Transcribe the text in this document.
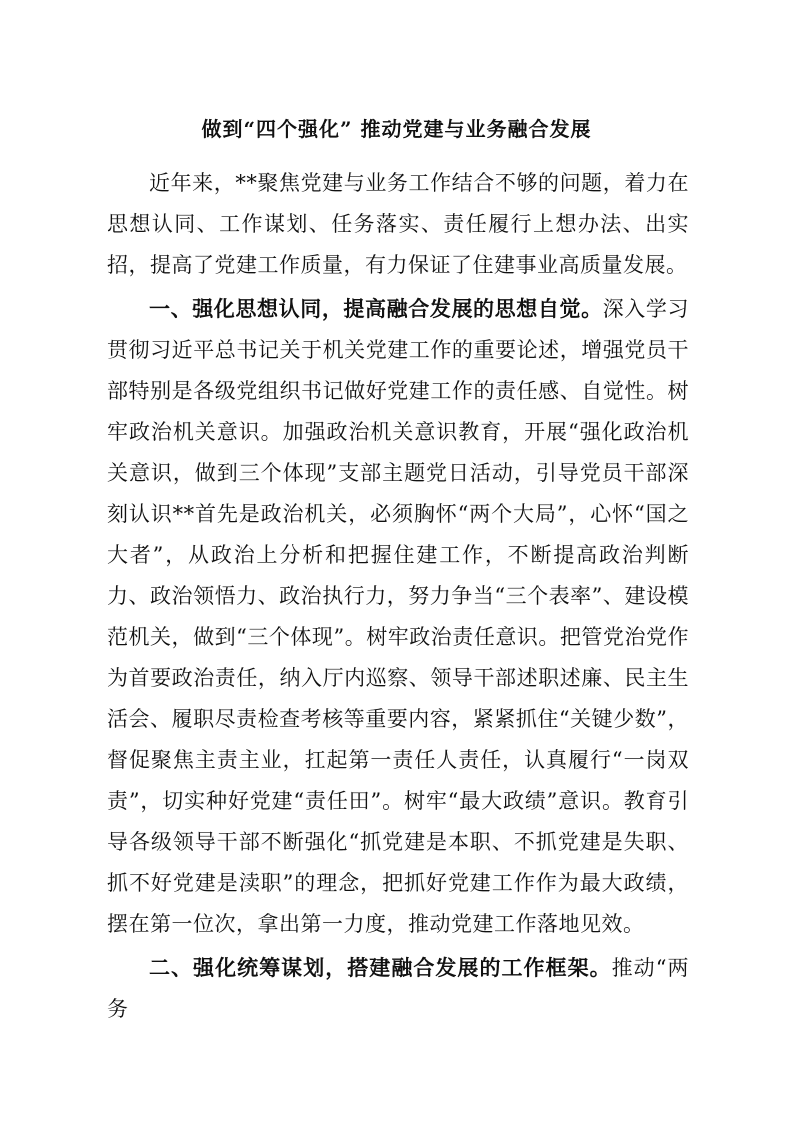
做到“四个强化” 推动党建与业务融合发展

近年来，**聚焦党建与业务工作结合不够的问题，着力在思想认同、工作谋划、任务落实、责任履行上想办法、出实招，提高了党建工作质量，有力保证了住建事业高质量发展。

一、强化思想认同，提高融合发展的思想自觉。深入学习贯彻习近平总书记关于机关党建工作的重要论述，增强党员干部特别是各级党组织书记做好党建工作的责任感、自觉性。树牢政治机关意识。加强政治机关意识教育，开展“强化政治机关意识，做到三个体现”支部主题党日活动，引导党员干部深刻认识**首先是政治机关，必须胸怀“两个大局”，心怀“国之大者”，从政治上分析和把握住建工作，不断提高政治判断力、政治领悟力、政治执行力，努力争当“三个表率”、建设模范机关，做到“三个体现”。树牢政治责任意识。把管党治党作为首要政治责任，纳入厅内巡察、领导干部述职述廉、民主生活会、履职尽责检查考核等重要内容，紧紧抓住“关键少数”，督促聚焦主责主业，扛起第一责任人责任，认真履行“一岗双责”，切实种好党建“责任田”。树牢“最大政绩”意识。教育引导各级领导干部不断强化“抓党建是本职、不抓党建是失职、抓不好党建是渎职”的理念，把抓好党建工作作为最大政绩，摆在第一位次，拿出第一力度，推动党建工作落地见效。

二、强化统筹谋划，搭建融合发展的工作框架。推动“两务
